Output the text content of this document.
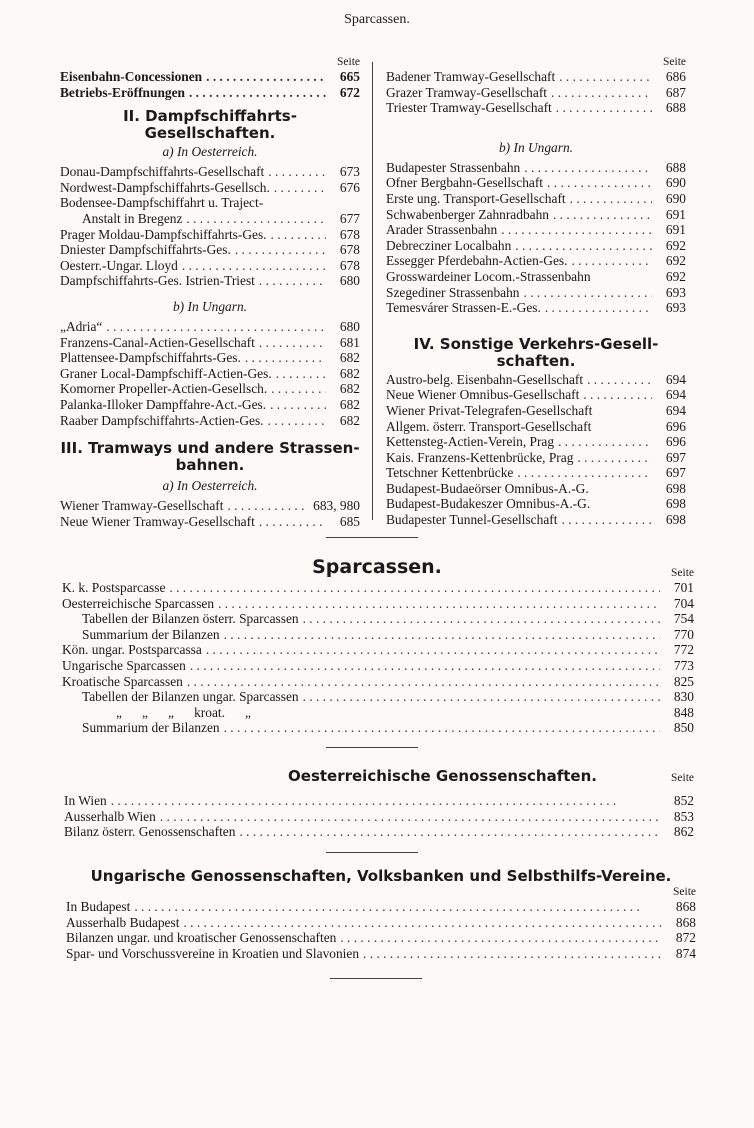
Sparcassen.
Seite
Eisenbahn-Concessionen . . .	665
Betriebs-Eröffnungen . . .	672
II. Dampfschiffahrts-Gesellschaften.
a) In Oesterreich.
Donau-Dampfschiffahrts-Gesellschaft . . .	673
Nordwest-Dampfschiffahrts-Gesellsch. . . .	676
Bodensee-Dampfschiffahrt u. Traject-
Anstalt in Bregenz . . .	677
Prager Moldau-Dampfschiffahrts-Ges. . . .	678
Dniester Dampfschiffahrts-Ges. . . .	678
Oesterr.-Ungar. Lloyd . . .	678
Dampfschiffahrts-Ges. Istrien-Triest . . .	680
b) In Ungarn.
„Adria“ . . .	680
Franzens-Canal-Actien-Gesellschaft . . .	681
Plattensee-Dampfschiffahrts-Ges. . . .	682
Graner Local-Dampfschiff-Actien-Ges. . . .	682
Komorner Propeller-Actien-Gesellsch. . . .	682
Palanka-Illoker Dampffahre-Act.-Ges. . . .	682
Raaber Dampfschiffahrts-Actien-Ges. . . .	682
III. Tramways und andere Strassen-
bahnen.
a) In Oesterreich.
Wiener Tramway-Gesellschaft . . .	683, 980
Neue Wiener Tramway-Gesellschaft . . .	685
Seite
Badener Tramway-Gesellschaft . . .	686
Grazer Tramway-Gesellschaft . . .	687
Triester Tramway-Gesellschaft . . .	688
b) In Ungarn.
Budapester Strassenbahn . . .	688
Ofner Bergbahn-Gesellschaft . . .	690
Erste ung. Transport-Gesellschaft . . .	690
Schwabenberger Zahnradbahn . . .	691
Arader Strassenbahn . . .	691
Debrecziner Localbahn . . .	692
Essegger Pferdebahn-Actien-Ges. . . .	692
Grosswardeiner Locom.-Strassenbahn	692
Szegediner Strassenbahn . . .	693
Temesvárer Strassen-E.-Ges. . . .	693
IV. Sonstige Verkehrs-Gesell-
schaften.
Austro-belg. Eisenbahn-Gesellschaft . . .	694
Neue Wiener Omnibus-Gesellschaft . . .	694
Wiener Privat-Telegrafen-Gesellschaft	694
Allgem. österr. Transport-Gesellschaft	696
Kettensteg-Actien-Verein, Prag . . .	696
Kais. Franzens-Kettenbrücke, Prag . . .	697
Tetschner Kettenbrücke . . .	697
Budapest-Budaeörser Omnibus-A.-G.	698
Budapest-Budakeszer Omnibus-A.-G.	698
Budapester Tunnel-Gesellschaft . . .	698
Sparcassen.	Seite
K. k. Postsparcasse . . .	701
Oesterreichische Sparcassen . . .	704
Tabellen der Bilanzen österr. Sparcassen . . .	754
Summarium der Bilanzen . . .	770
Kön. ungar. Postsparcassa . . .	772
Ungarische Sparcassen . . .	773
Kroatische Sparcassen . . .	825
Tabellen der Bilanzen ungar. Sparcassen . . .	830
„      „      „      kroat.      „	848
Summarium der Bilanzen . . .	850
Oesterreichische Genossenschaften.	Seite
In Wien . . .	852
Ausserhalb Wien . . .	853
Bilanz österr. Genossenschaften . . .	862
Ungarische Genossenschaften, Volksbanken und Selbsthilfs-Vereine.
Seite
In Budapest . . .	868
Ausserhalb Budapest . . .	868
Bilanzen ungar. und kroatischer Genossenschaften . . .	872
Spar- und Vorschussvereine in Kroatien und Slavonien . . .	874
